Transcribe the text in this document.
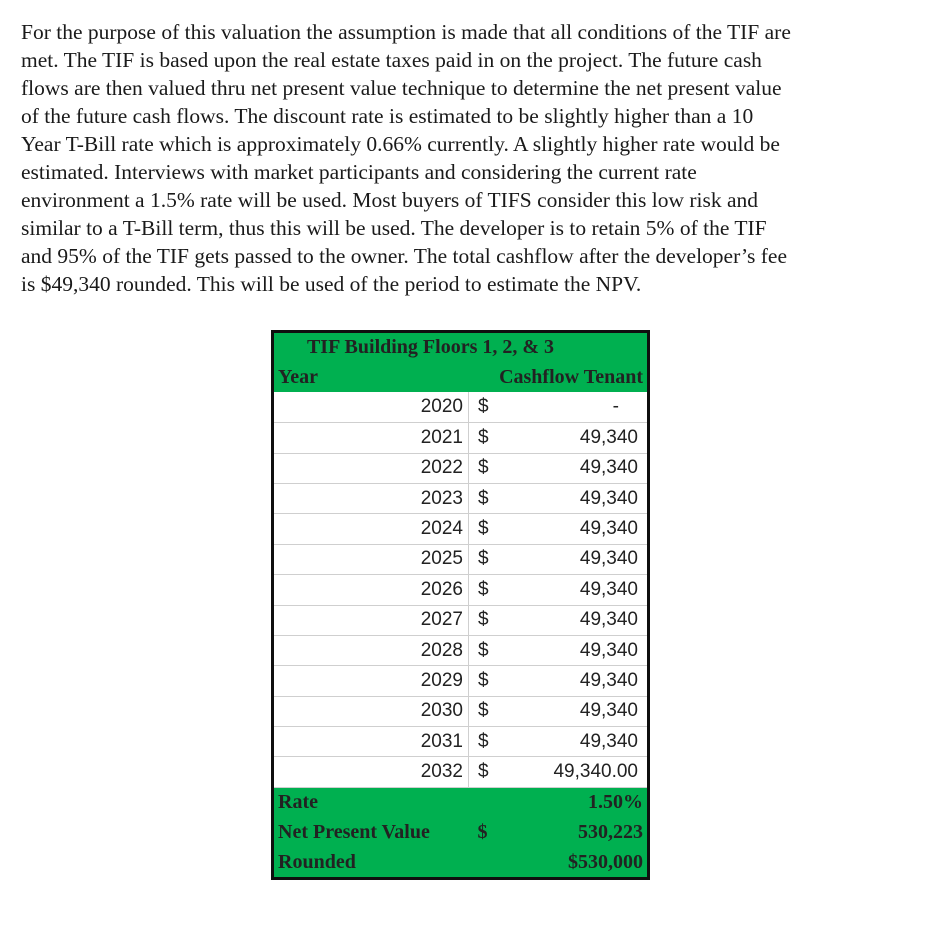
For the purpose of this valuation the assumption is made that all conditions of the TIF are
met. The TIF is based upon the real estate taxes paid in on the project. The future cash
flows are then valued thru net present value technique to determine the net present value
of the future cash flows. The discount rate is estimated to be slightly higher than a 10
Year T-Bill rate which is approximately 0.66% currently. A slightly higher rate would be
estimated. Interviews with market participants and considering the current rate
environment a 1.5% rate will be used. Most buyers of TIFS consider this low risk and
similar to a T-Bill term, thus this will be used. The developer is to retain 5% of the TIF
and 95% of the TIF gets passed to the owner. The total cashflow after the developer’s fee
is $49,340 rounded. This will be used of the period to estimate the NPV.
TIF Building Floors 1, 2, & 3		
Year	Cashflow Tenant	
2020	$	-
2021	$	49,340
2022	$	49,340
2023	$	49,340
2024	$	49,340
2025	$	49,340
2026	$	49,340
2027	$	49,340
2028	$	49,340
2029	$	49,340
2030	$	49,340
2031	$	49,340
2032	$	49,340.00
Rate		1.50%
Net Present Value	$	530,223
Rounded		$530,000
